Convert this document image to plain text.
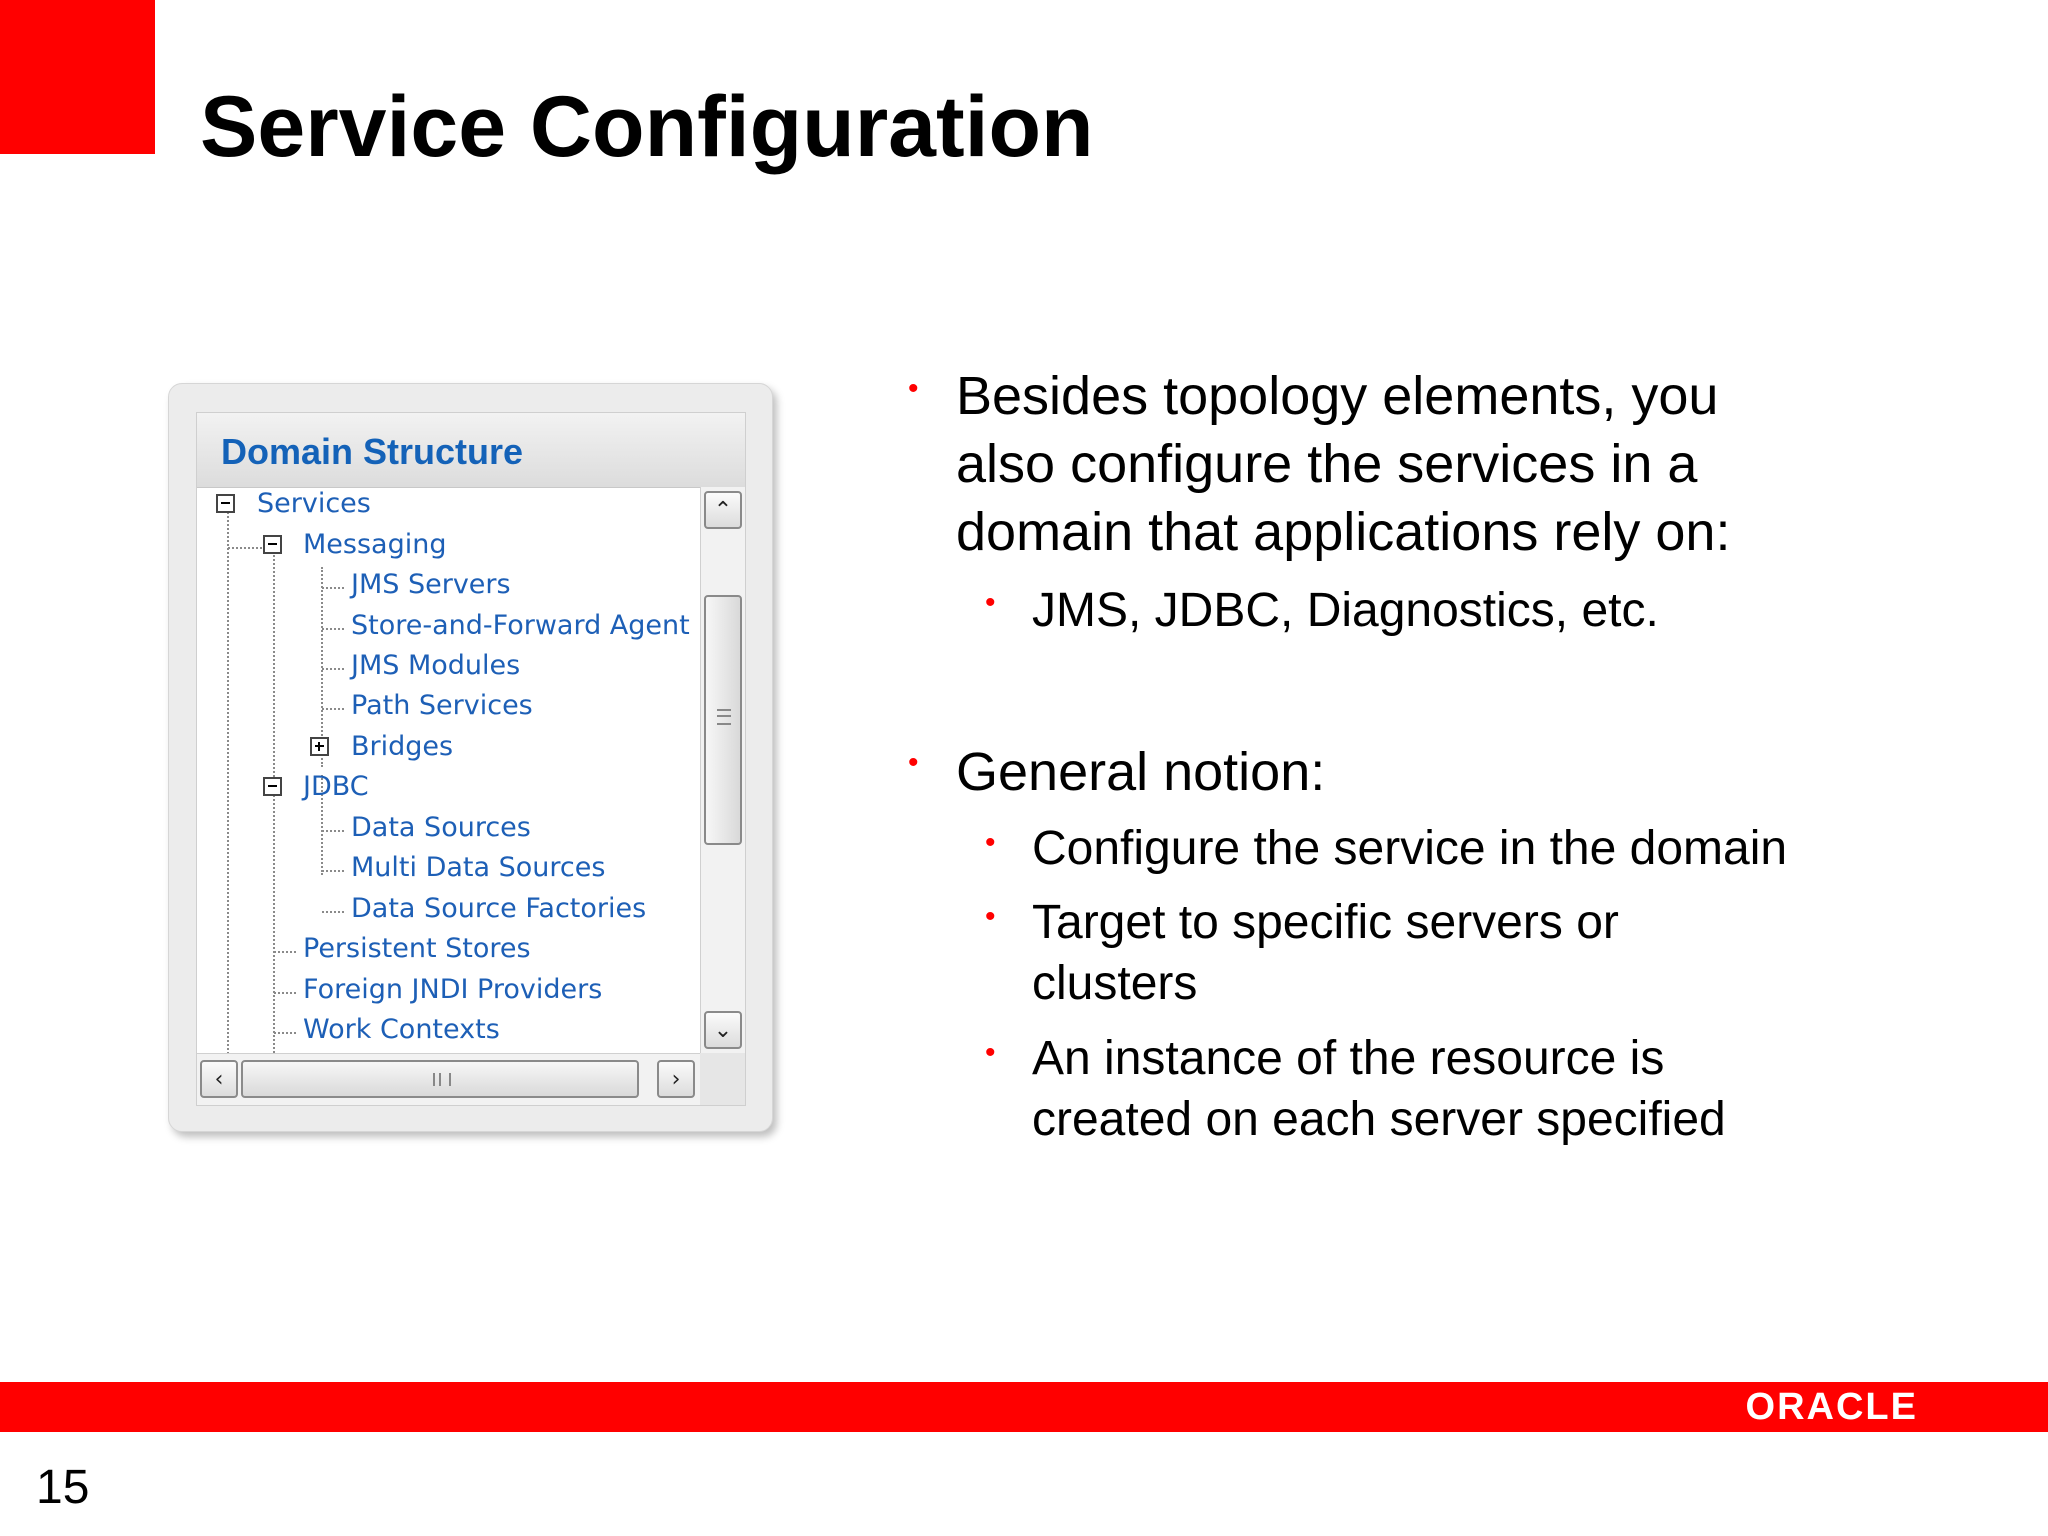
Service Configuration
Domain Structure
Services
Messaging
JMS Servers
Store-and-Forward Agent
JMS Modules
Path Services
Bridges
JDBC
Data Sources
Multi Data Sources
Data Source Factories
Persistent Stores
Foreign JNDI Providers
Work Contexts
⌃
⌄
‹	›
• Besides topology elements, you also configure the services in a domain that applications rely on:
• JMS, JDBC, Diagnostics, etc.
• General notion:
• Configure the service in the domain
• Target to specific servers or clusters
• An instance of the resource is created on each server specified
ORACLE
15
